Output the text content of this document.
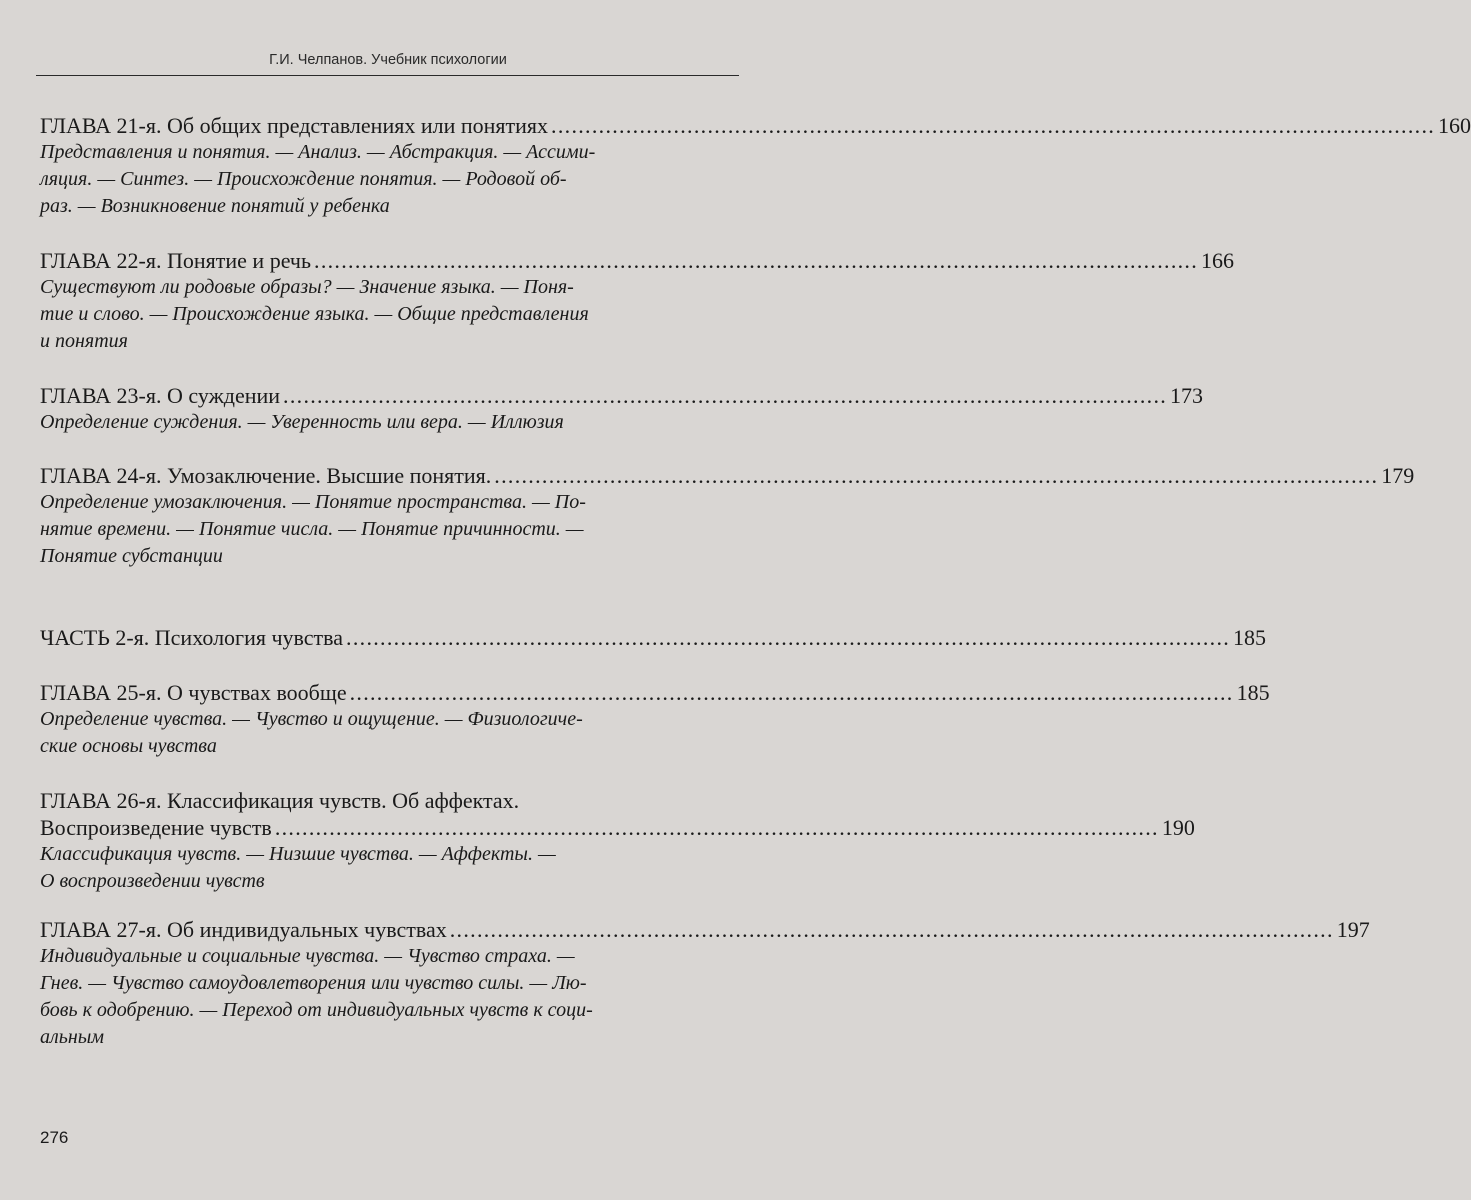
Г.И. Челпанов. Учебник психологии
ГЛАВА 21-я. Об общих представлениях или понятиях .................................................................................................................................. 160
Представления и понятия. — Анализ. — Абстракция. — Ассими-
ляция. — Синтез. — Происхождение понятия. — Родовой об-
раз. — Возникновение понятий у ребенка
ГЛАВА 22-я. Понятие и речь .................................................................................................................................. 166
Существуют ли родовые образы? — Значение языка. — Поня-
тие и слово. — Происхождение языка. — Общие представления
и понятия
ГЛАВА 23-я. О суждении .................................................................................................................................. 173
Определение суждения. — Уверенность или вера. — Иллюзия
ГЛАВА 24-я. Умозаключение. Высшие понятия. .................................................................................................................................. 179
Определение умозаключения. — Понятие пространства. — По-
нятие времени. — Понятие числа. — Понятие причинности. —
Понятие субстанции
ЧАСТЬ 2-я. Психология чувства .................................................................................................................................. 185
ГЛАВА 25-я. О чувствах вообще .................................................................................................................................. 185
Определение чувства. — Чувство и ощущение. — Физиологиче-
ские основы чувства
ГЛАВА 26-я. Классификация чувств. Об аффектах.
Воспроизведение чувств .................................................................................................................................. 190
Классификация чувств. — Низшие чувства. — Аффекты. —
О воспроизведении чувств
ГЛАВА 27-я. Об индивидуальных чувствах .................................................................................................................................. 197
Индивидуальные и социальные чувства. — Чувство страха. —
Гнев. — Чувство самоудовлетворения или чувство силы. — Лю-
бовь к одобрению. — Переход от индивидуальных чувств к соци-
альным
276
